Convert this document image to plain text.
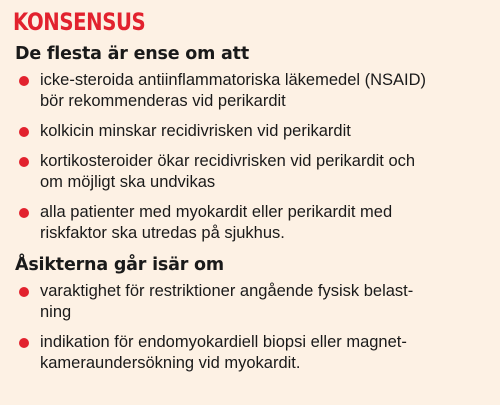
KONSENSUS
De flesta är ense om att
icke-steroida antiinflammatoriska läkemedel (NSAID)
bör rekommenderas vid perikardit
kolkicin minskar recidivrisken vid perikardit
kortikosteroider ökar recidivrisken vid perikardit och
om möjligt ska undvikas
alla patienter med myokardit eller perikardit med
riskfaktor ska utredas på sjukhus.
Åsikterna går isär om
varaktighet för restriktioner angående fysisk belast-
ning
indikation för endomyokardiell biopsi eller magnet-
kameraundersökning vid myokardit.
